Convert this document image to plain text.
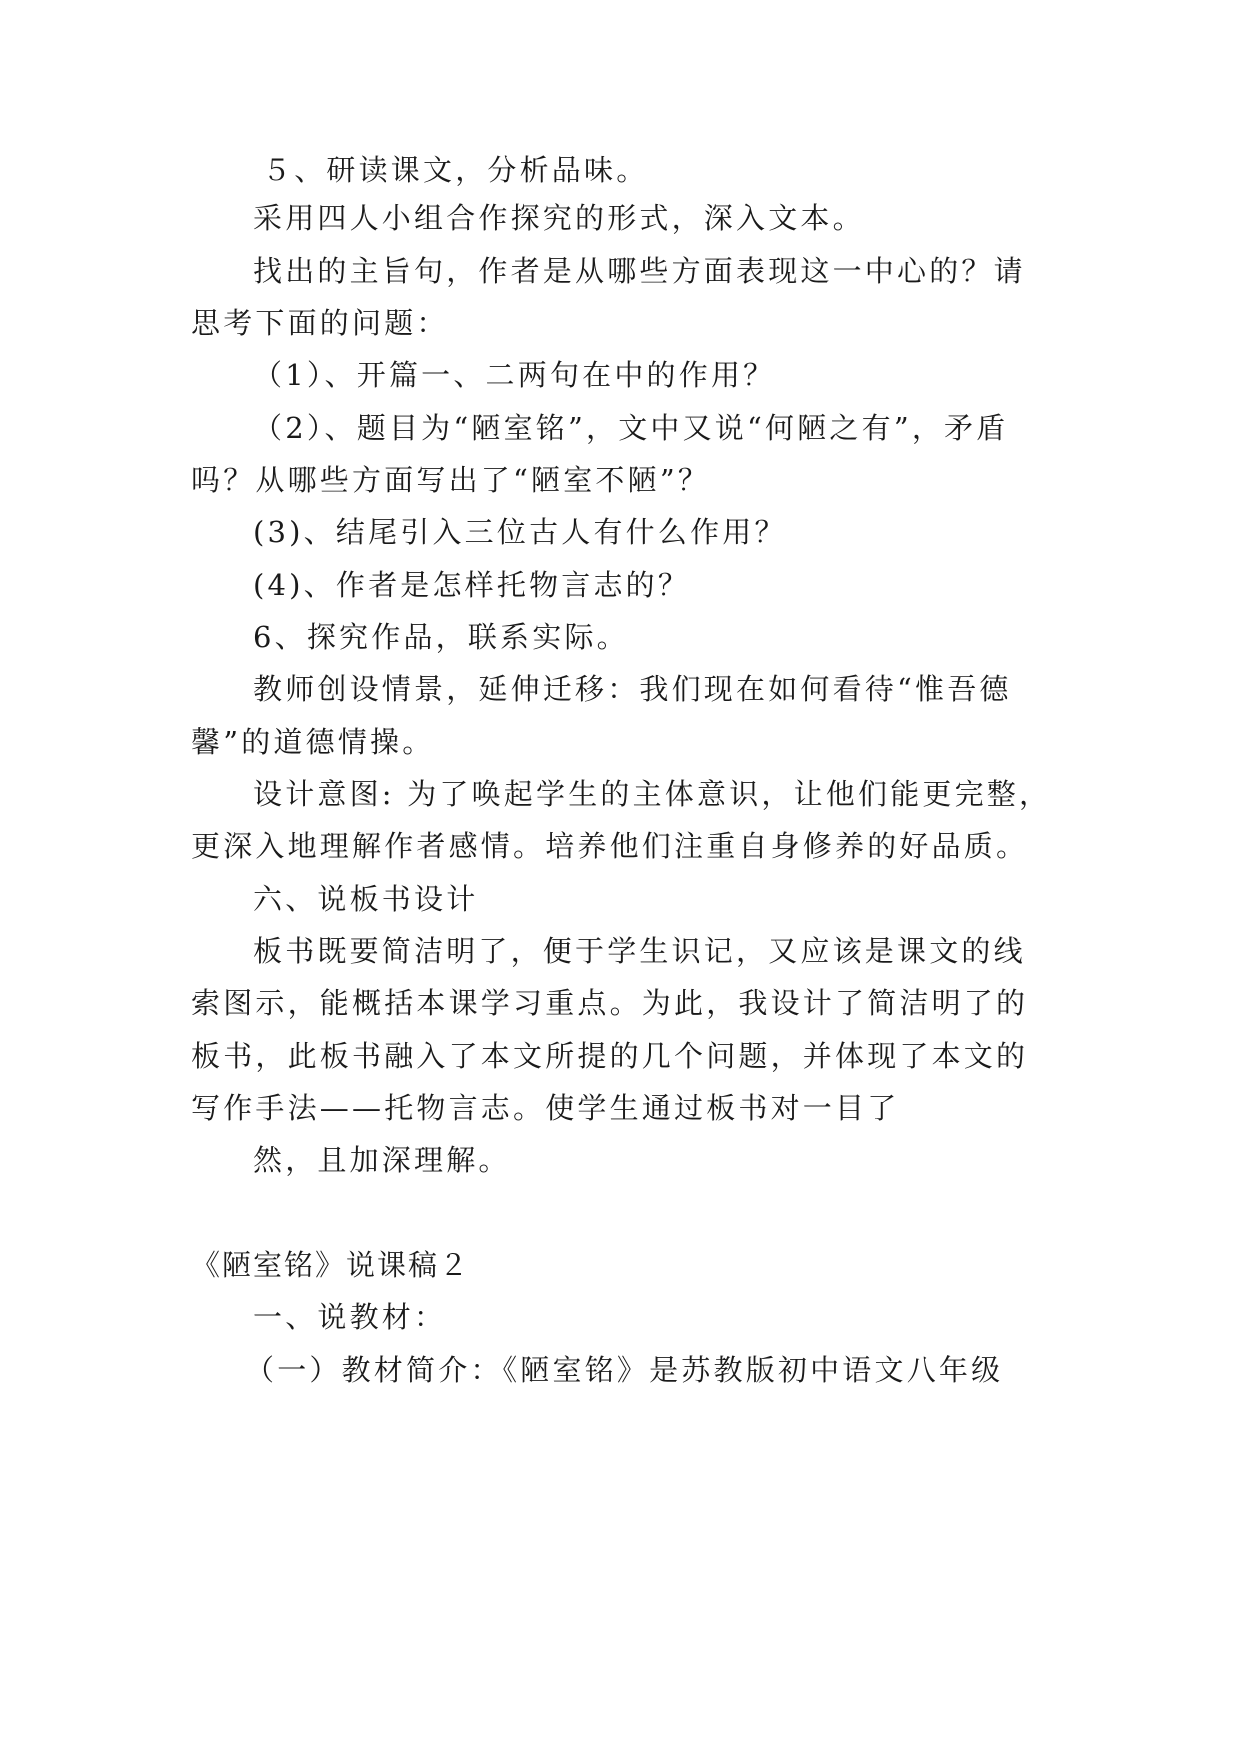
５、研读课文，分析品味。
采用四人小组合作探究的形式，深入文本。
找出的主旨句，作者是从哪些方面表现这一中心的？请
思考下面的问题：
（1）、开篇一、二两句在中的作用？
（2）、题目为“陋室铭”，文中又说“何陋之有”，矛盾
吗？从哪些方面写出了“陋室不陋”？
(3)、结尾引入三位古人有什么作用？
(4)、作者是怎样托物言志的？
6、探究作品，联系实际。
教师创设情景，延伸迁移：我们现在如何看待“惟吾德
馨”的道德情操。
设计意图: 为了唤起学生的主体意识，让他们能更完整，
更深入地理解作者感情。培养他们注重自身修养的好品质。
六、说板书设计
板书既要简洁明了，便于学生识记，又应该是课文的线
索图示，能概括本课学习重点。为此，我设计了简洁明了的
板书，此板书融入了本文所提的几个问题，并体现了本文的
写作手法——托物言志。使学生通过板书对一目了
然，且加深理解。
《陋室铭》说课稿２
一、说教材：
（一）教材简介：《陋室铭》是苏教版初中语文八年级
